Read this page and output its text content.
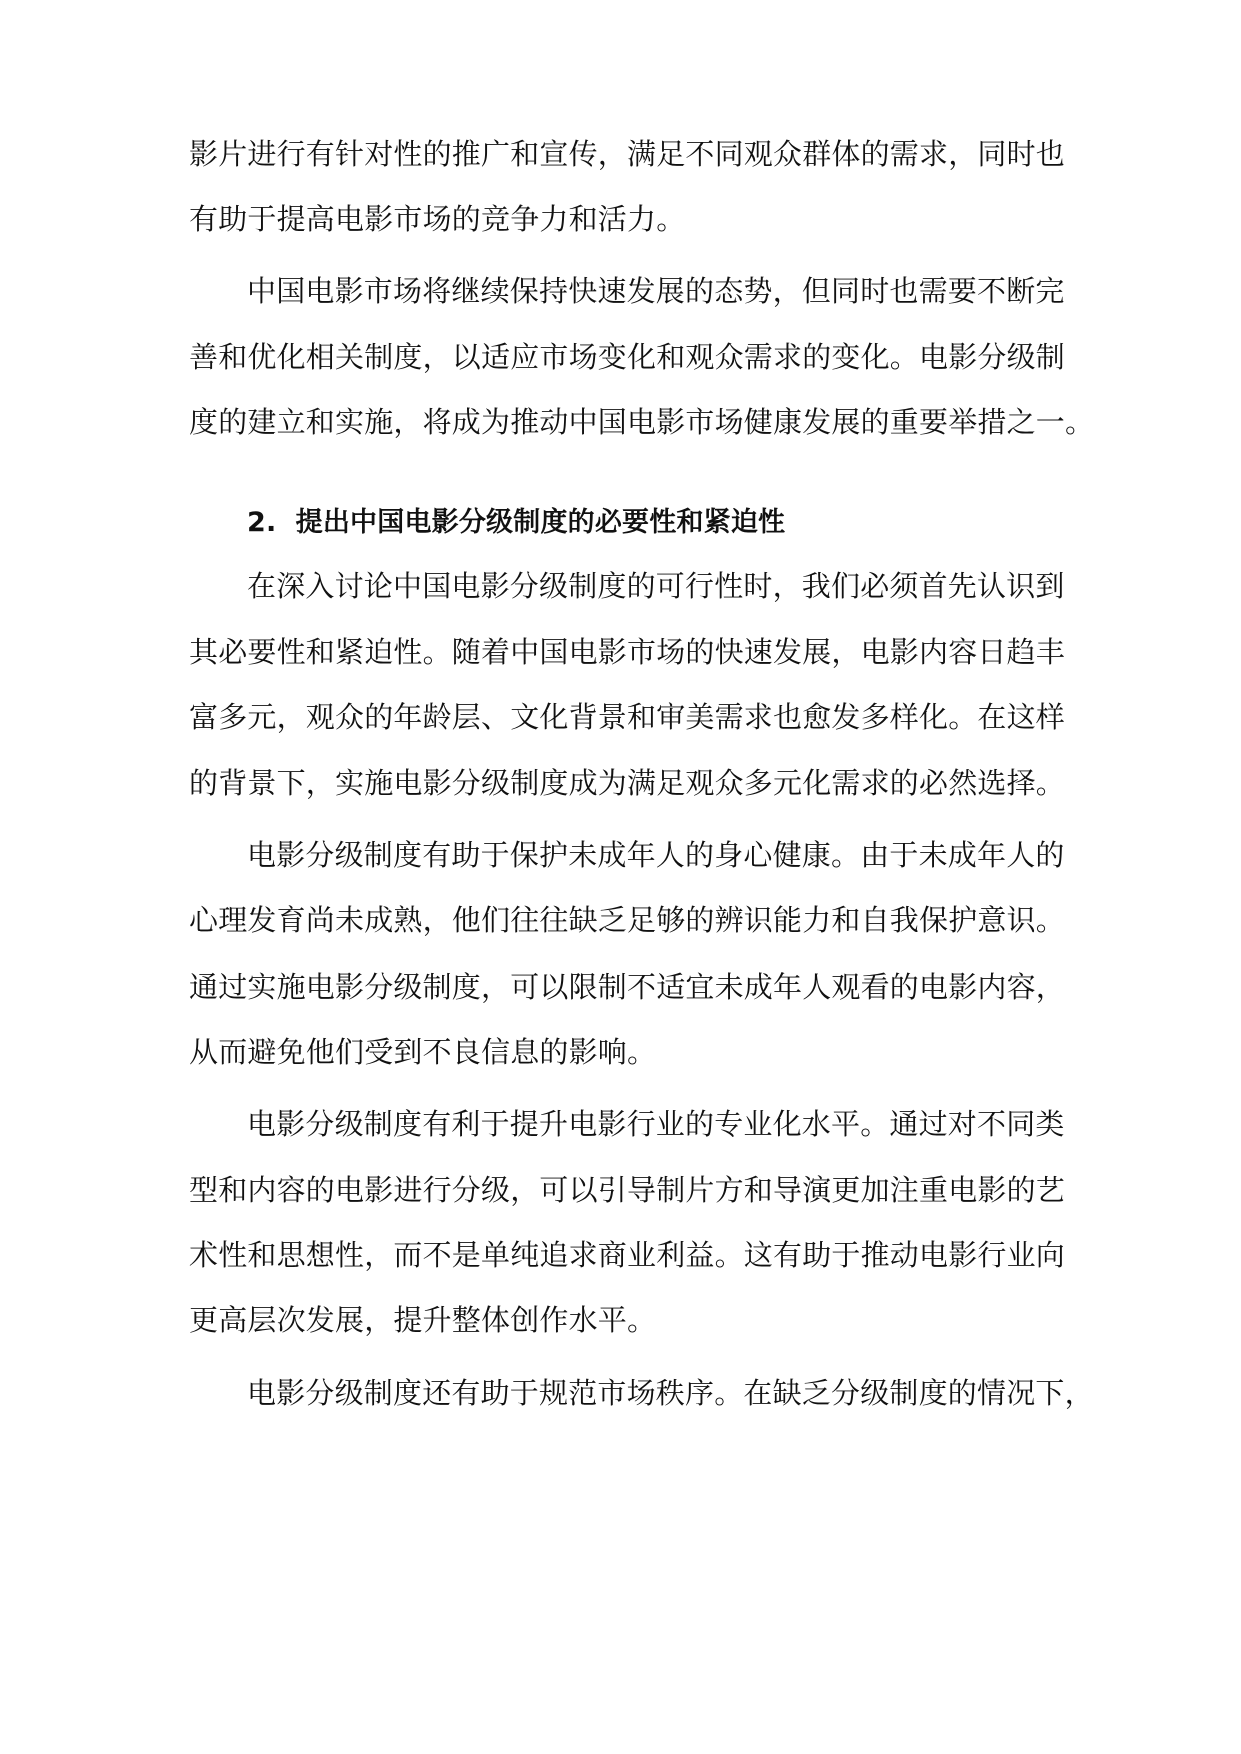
影片进行有针对性的推广和宣传，满足不同观众群体的需求，同时也
有助于提高电影市场的竞争力和活力。
中国电影市场将继续保持快速发展的态势，但同时也需要不断完
善和优化相关制度，以适应市场变化和观众需求的变化。电影分级制
度的建立和实施，将成为推动中国电影市场健康发展的重要举措之一。
2. 提出中国电影分级制度的必要性和紧迫性
在深入讨论中国电影分级制度的可行性时，我们必须首先认识到
其必要性和紧迫性。随着中国电影市场的快速发展，电影内容日趋丰
富多元，观众的年龄层、文化背景和审美需求也愈发多样化。在这样
的背景下，实施电影分级制度成为满足观众多元化需求的必然选择。
电影分级制度有助于保护未成年人的身心健康。由于未成年人的
心理发育尚未成熟，他们往往缺乏足够的辨识能力和自我保护意识。
通过实施电影分级制度，可以限制不适宜未成年人观看的电影内容，
从而避免他们受到不良信息的影响。
电影分级制度有利于提升电影行业的专业化水平。通过对不同类
型和内容的电影进行分级，可以引导制片方和导演更加注重电影的艺
术性和思想性，而不是单纯追求商业利益。这有助于推动电影行业向
更高层次发展，提升整体创作水平。
电影分级制度还有助于规范市场秩序。在缺乏分级制度的情况下，
